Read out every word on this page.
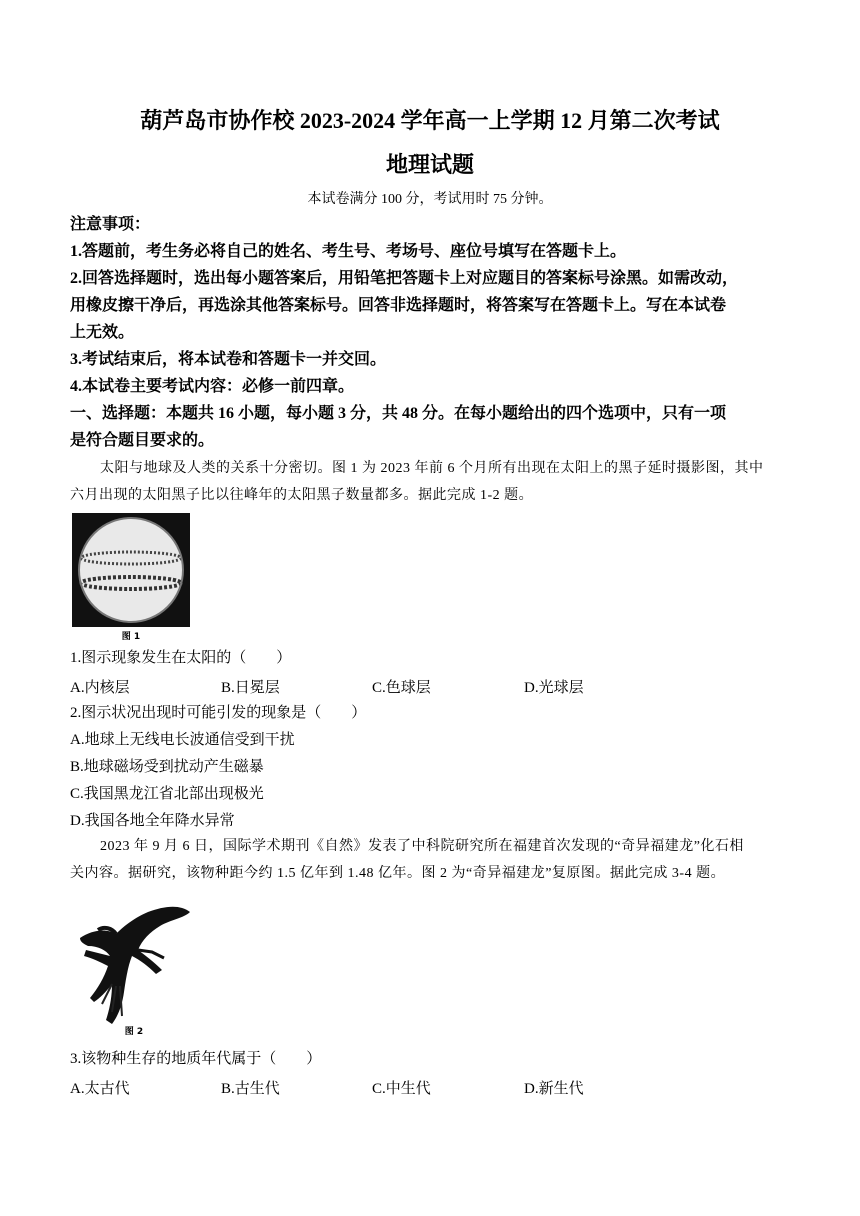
葫芦岛市协作校 2023-2024 学年高一上学期 12 月第二次考试
地理试题
本试卷满分 100 分，考试用时 75 分钟。
注意事项：
1.答题前，考生务必将自己的姓名、考生号、考场号、座位号填写在答题卡上。
2.回答选择题时，选出每小题答案后，用铅笔把答题卡上对应题目的答案标号涂黑。如需改动，
用橡皮擦干净后，再选涂其他答案标号。回答非选择题时，将答案写在答题卡上。写在本试卷
上无效。
3.考试结束后，将本试卷和答题卡一并交回。
4.本试卷主要考试内容：必修一前四章。
一、选择题：本题共 16 小题，每小题 3 分，共 48 分。在每小题给出的四个选项中，只有一项
是符合题目要求的。
太阳与地球及人类的关系十分密切。图 1 为 2023 年前 6 个月所有出现在太阳上的黑子延时摄影图，其中
六月出现的太阳黑子比以往峰年的太阳黑子数量都多。据此完成 1-2 题。
图 1
1.图示现象发生在太阳的（　　）
A.内核层	B.日冕层	C.色球层	D.光球层
2.图示状况出现时可能引发的现象是（　　）
A.地球上无线电长波通信受到干扰
B.地球磁场受到扰动产生磁暴
C.我国黑龙江省北部出现极光
D.我国各地全年降水异常
2023 年 9 月 6 日，国际学术期刊《自然》发表了中科院研究所在福建首次发现的“奇异福建龙”化石相
关内容。据研究，该物种距今约 1.5 亿年到 1.48 亿年。图 2 为“奇异福建龙”复原图。据此完成 3-4 题。
图 2
3.该物种生存的地质年代属于（　　）
A.太古代	B.古生代	C.中生代	D.新生代
